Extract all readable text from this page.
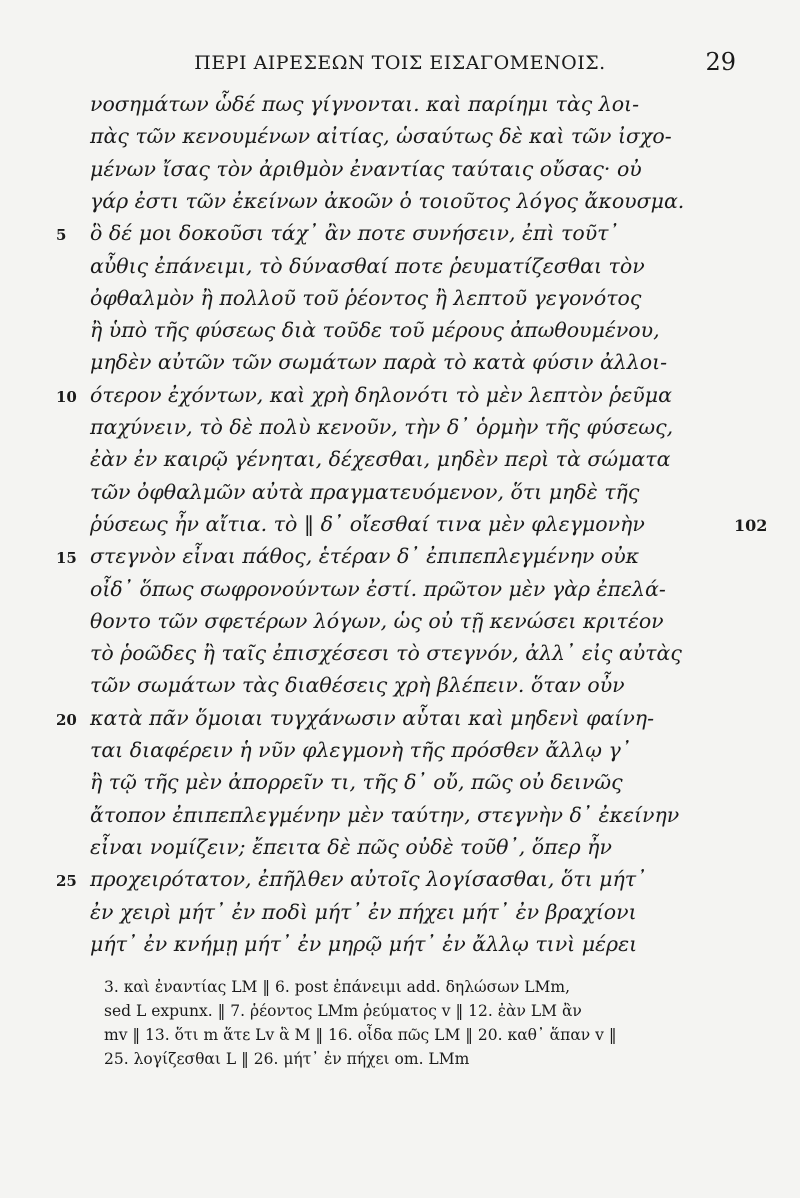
ΠΕΡΙ ΑΙΡΕΣΕΩΝ ΤΟΙΣ ΕΙΣΑΓΟΜΕΝΟΙΣ.	29
νοσημάτων ὧδέ πως γίγνονται. καὶ παρίημι τὰς λοι-
πὰς τῶν κενουμένων αἰτίας, ὡσαύτως δὲ καὶ τῶν ἰσχο-
μένων ἴσας τὸν ἀριθμὸν ἐναντίας ταύταις οὔσας· οὐ
γάρ ἐστι τῶν ἐκείνων ἀκοῶν ὁ τοιοῦτος λόγος ἄκουσμα.
ὃ δέ μοι δοκοῦσι τάχ᾿ ἂν ποτε συνήσειν, ἐπὶ τοῦτ᾿
αὖθις ἐπάνειμι, τὸ δύνασθαί ποτε ῥευματίζεσθαι τὸν
ὀφθαλμὸν ἢ πολλοῦ τοῦ ῥέοντος ἢ λεπτοῦ γεγονότος
ἢ ὑπὸ τῆς φύσεως διὰ τοῦδε τοῦ μέρους ἀπωθουμένου,
μηδὲν αὐτῶν τῶν σωμάτων παρὰ τὸ κατὰ φύσιν ἀλλοι-
ότερον ἐχόντων, καὶ χρὴ δηλονότι τὸ μὲν λεπτὸν ῥεῦμα
παχύνειν, τὸ δὲ πολὺ κενοῦν, τὴν δ᾿ ὁρμὴν τῆς φύσεως,
ἐὰν ἐν καιρῷ γένηται, δέχεσθαι, μηδὲν περὶ τὰ σώματα
τῶν ὀφθαλμῶν αὐτὰ πραγματευόμενον, ὅτι μηδὲ τῆς
ῥύσεως ἦν αἴτια. τὸ ‖ δ᾿ οἴεσθαί τινα μὲν φλεγμονὴν
στεγνὸν εἶναι πάθος, ἑτέραν δ᾿ ἐπιπεπλεγμένην οὐκ
οἶδ᾿ ὅπως σωφρονούντων ἐστί. πρῶτον μὲν γὰρ ἐπελά-
θοντο τῶν σφετέρων λόγων, ὡς οὐ τῇ κενώσει κριτέον
τὸ ῥοῶδες ἢ ταῖς ἐπισχέσεσι τὸ στεγνόν, ἀλλ᾿ εἰς αὐτὰς
τῶν σωμάτων τὰς διαθέσεις χρὴ βλέπειν. ὅταν οὖν
κατὰ πᾶν ὅμοιαι τυγχάνωσιν αὗται καὶ μηδενὶ φαίνη-
ται διαφέρειν ἡ νῦν φλεγμονὴ τῆς πρόσθεν ἄλλῳ γ᾿
ἢ τῷ τῆς μὲν ἀπορρεῖν τι, τῆς δ᾿ οὔ, πῶς οὐ δεινῶς
ἄτοπον ἐπιπεπλεγμένην μὲν ταύτην, στεγνὴν δ᾿ ἐκείνην
εἶναι νομίζειν; ἔπειτα δὲ πῶς οὐδὲ τοῦθ᾿, ὅπερ ἦν
προχειρότατον, ἐπῆλθεν αὐτοῖς λογίσασθαι, ὅτι μήτ᾿
ἐν χειρὶ μήτ᾿ ἐν ποδὶ μήτ᾿ ἐν πήχει μήτ᾿ ἐν βραχίονι
μήτ᾿ ἐν κνήμῃ μήτ᾿ ἐν μηρῷ μήτ᾿ ἐν ἄλλῳ τινὶ μέρει
5
10
15
20
25
102
3. καὶ ἐναντίας LM ‖ 6. post ἐπάνειμι add. δηλώσων LMm,
sed L expunx. ‖ 7. ῥέοντος LMm ῥεύματος v ‖ 12. ἐὰν LM ἂν
mv ‖ 13. ὅτι m ἅτε Lv ἃ M ‖ 16. οἶδα πῶς LM ‖ 20. καθ᾿ ἅπαν v ‖
25. λογίζεσθαι L ‖ 26. μήτ᾿ ἐν πήχει om. LMm
